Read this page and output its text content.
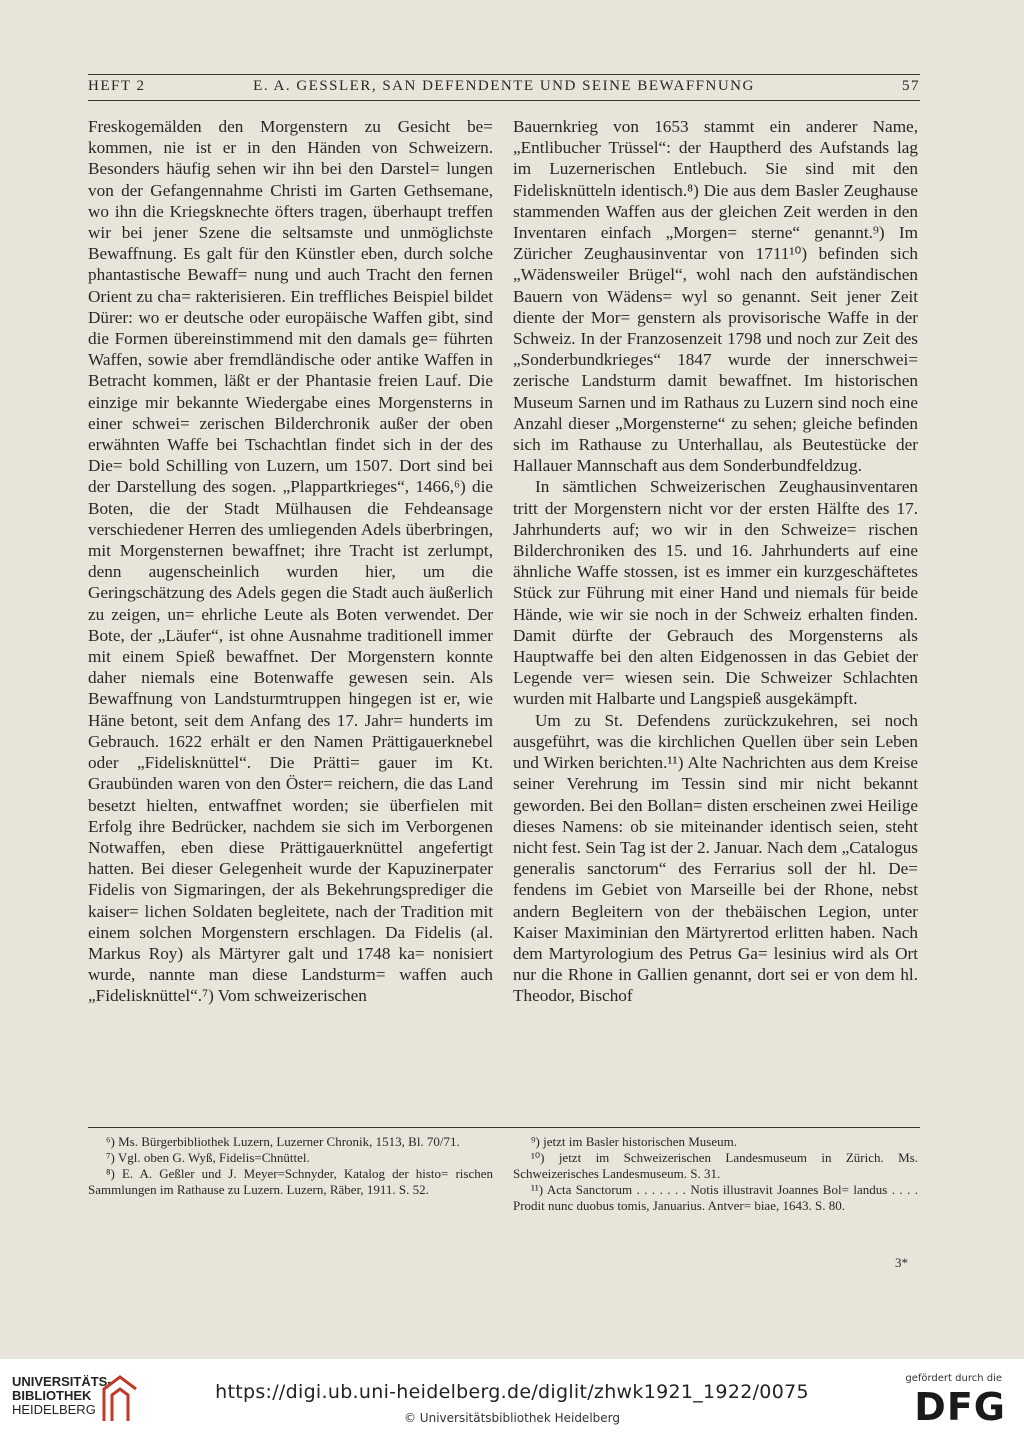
HEFT 2	E. A. GESSLER, SAN DEFENDENTE UND SEINE BEWAFFNUNG	57

Freskogemälden den Morgenstern zu Gesicht be= kommen, nie ist er in den Händen von Schweizern. Besonders häufig sehen wir ihn bei den Darstel= lungen von der Gefangennahme Christi im Garten Gethsemane, wo ihn die Kriegsknechte öfters tragen, überhaupt treffen wir bei jener Szene die seltsamste und unmöglichste Bewaffnung. Es galt für den Künstler eben, durch solche phantastische Bewaff= nung und auch Tracht den fernen Orient zu cha= rakterisieren. Ein treffliches Beispiel bildet Dürer: wo er deutsche oder europäische Waffen gibt, sind die Formen übereinstimmend mit den damals ge= führten Waffen, sowie aber fremdländische oder antike Waffen in Betracht kommen, läßt er der Phantasie freien Lauf. Die einzige mir bekannte Wiedergabe eines Morgensterns in einer schwei= zerischen Bilderchronik außer der oben erwähnten Waffe bei Tschachtlan findet sich in der des Die= bold Schilling von Luzern, um 1507. Dort sind bei der Darstellung des sogen. „Plappartkrieges“, 1466,⁶) die Boten, die der Stadt Mülhausen die Fehdeansage verschiedener Herren des umliegenden Adels überbringen, mit Morgensternen bewaffnet; ihre Tracht ist zerlumpt, denn augenscheinlich wurden hier, um die Geringschätzung des Adels gegen die Stadt auch äußerlich zu zeigen, un= ehrliche Leute als Boten verwendet. Der Bote, der „Läufer“, ist ohne Ausnahme traditionell immer mit einem Spieß bewaffnet. Der Morgenstern konnte daher niemals eine Botenwaffe gewesen sein. Als Bewaffnung von Landsturmtruppen hingegen ist er, wie Häne betont, seit dem Anfang des 17. Jahr= hunderts im Gebrauch. 1622 erhält er den Namen Prättigauerknebel oder „Fidelisknüttel“. Die Prätti= gauer im Kt. Graubünden waren von den Öster= reichern, die das Land besetzt hielten, entwaffnet worden; sie überfielen mit Erfolg ihre Bedrücker, nachdem sie sich im Verborgenen Notwaffen, eben diese Prättigauerknüttel angefertigt hatten. Bei dieser Gelegenheit wurde der Kapuzinerpater Fidelis von Sigmaringen, der als Bekehrungsprediger die kaiser= lichen Soldaten begleitete, nach der Tradition mit einem solchen Morgenstern erschlagen. Da Fidelis (al. Markus Roy) als Märtyrer galt und 1748 ka= nonisiert wurde, nannte man diese Landsturm= waffen auch „Fidelisknüttel“.⁷) Vom schweizerischen

Bauernkrieg von 1653 stammt ein anderer Name, „Entlibucher Trüssel“: der Hauptherd des Aufstands lag im Luzernerischen Entlebuch. Sie sind mit den Fidelisknütteln identisch.⁸) Die aus dem Basler Zeughause stammenden Waffen aus der gleichen Zeit werden in den Inventaren einfach „Morgen= sterne“ genannt.⁹) Im Züricher Zeughausinventar von 1711¹⁰) befinden sich „Wädensweiler Brügel“, wohl nach den aufständischen Bauern von Wädens= wyl so genannt. Seit jener Zeit diente der Mor= genstern als provisorische Waffe in der Schweiz. In der Franzosenzeit 1798 und noch zur Zeit des „Sonderbundkrieges“ 1847 wurde der innerschwei= zerische Landsturm damit bewaffnet. Im historischen Museum Sarnen und im Rathaus zu Luzern sind noch eine Anzahl dieser „Morgensterne“ zu sehen; gleiche befinden sich im Rathause zu Unterhallau, als Beutestücke der Hallauer Mannschaft aus dem Sonderbundfeldzug.

In sämtlichen Schweizerischen Zeughausinventaren tritt der Morgenstern nicht vor der ersten Hälfte des 17. Jahrhunderts auf; wo wir in den Schweize= rischen Bilderchroniken des 15. und 16. Jahrhunderts auf eine ähnliche Waffe stossen, ist es immer ein kurzgeschäftetes Stück zur Führung mit einer Hand und niemals für beide Hände, wie wir sie noch in der Schweiz erhalten finden. Damit dürfte der Gebrauch des Morgensterns als Hauptwaffe bei den alten Eidgenossen in das Gebiet der Legende ver= wiesen sein. Die Schweizer Schlachten wurden mit Halbarte und Langspieß ausgekämpft.

Um zu St. Defendens zurückzukehren, sei noch ausgeführt, was die kirchlichen Quellen über sein Leben und Wirken berichten.¹¹) Alte Nachrichten aus dem Kreise seiner Verehrung im Tessin sind mir nicht bekannt geworden. Bei den Bollan= disten erscheinen zwei Heilige dieses Namens: ob sie miteinander identisch seien, steht nicht fest. Sein Tag ist der 2. Januar. Nach dem „Catalogus generalis sanctorum“ des Ferrarius soll der hl. De= fendens im Gebiet von Marseille bei der Rhone, nebst andern Begleitern von der thebäischen Legion, unter Kaiser Maximinian den Märtyrertod erlitten haben. Nach dem Martyrologium des Petrus Ga= lesinius wird als Ort nur die Rhone in Gallien genannt, dort sei er von dem hl. Theodor, Bischof

⁶) Ms. Bürgerbibliothek Luzern, Luzerner Chronik, 1513, Bl. 70/71.

⁷) Vgl. oben G. Wyß, Fidelis=Chnüttel.

⁸) E. A. Geßler und J. Meyer=Schnyder, Katalog der histo= rischen Sammlungen im Rathause zu Luzern. Luzern, Räber, 1911. S. 52.

⁹) jetzt im Basler historischen Museum.

¹⁰) jetzt im Schweizerischen Landesmuseum in Zürich. Ms. Schweizerisches Landesmuseum. S. 31.

¹¹) Acta Sanctorum . . . . . . . Notis illustravit Joannes Bol= landus . . . . Prodit nunc duobus tomis, Januarius. Antver= biae, 1643. S. 80.

3*
UNIVERSITÄTS-
BIBLIOTHEK
HEIDELBERG
https://digi.ub.uni-heidelberg.de/diglit/zhwk1921_1922/0075
© Universitätsbibliothek Heidelberg
gefördert durch die
DFG
